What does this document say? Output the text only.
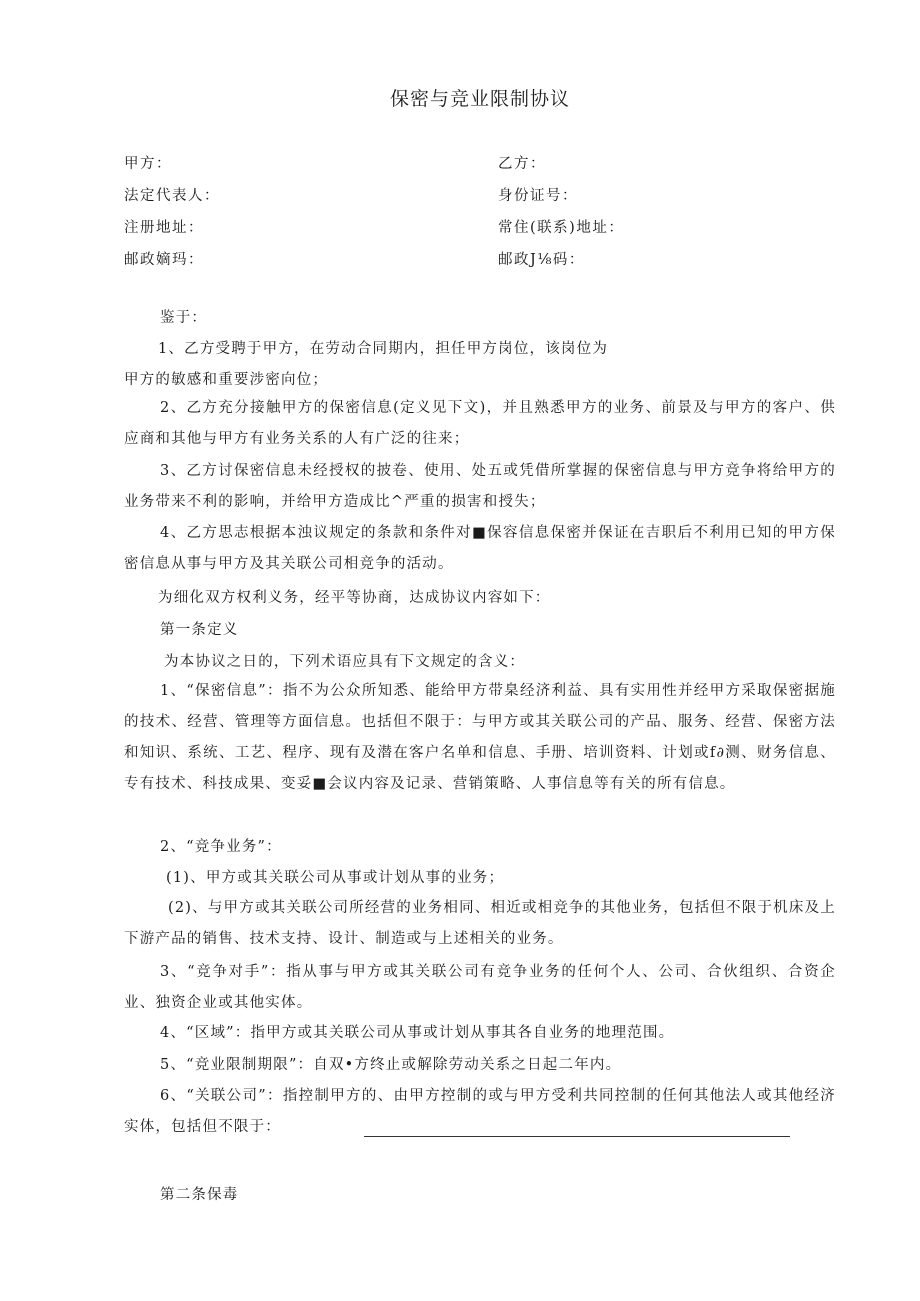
保密与竞业限制协议
甲方：
法定代表人：
注册地址：
邮政嫡玛：
乙方：
身份证号：
常住(联系)地址：
邮政J⅛码：
鉴于：
1、乙方受聘于甲方，在劳动合同期内，担任甲方岗位，该岗位为
甲方的敏感和重要涉密向位；

2、乙方充分接触甲方的保密信息(定义见下文)，并且熟悉甲方的业务、前景及与甲方的客户、供应商和其他与甲方有业务关系的人有广泛的往来；

3、乙方讨保密信息未经授权的披卷、使用、处五或凭借所掌握的保密信息与甲方竞争将给甲方的业务带来不利的影响，并给甲方造成比^严重的损害和授失；

4、乙方思志根据本浊议规定的条款和条件对■保容信息保密并保证在吉职后不利用已知的甲方保密信息从事与甲方及其关联公司相竞争的活动。

为细化双方权利义务，经平等协商，达成协议内容如下：
第一条定义
为本协议之日的，下列术语应具有下文规定的含义：

1、“保密信息”：指不为公众所知悉、能给甲方带臬经济利益、具有实用性并经甲方采取保密据施的技术、经营、管理等方面信息。也括但不限于：与甲方或其关联公司的产品、服务、经营、保密方法和知识、系统、工艺、程序、现有及潜在客户名单和信息、手册、培训资料、计划或f∂测、财务信息、专有技术、科技成果、变妥■会议内容及记录、营销策略、人事信息等有关的所有信息。

2、“竞争业务”：
(1)、甲方或其关联公司从事或计划从事的业务；

(2)、与甲方或其关联公司所经营的业务相同、相近或相竞争的其他业务，包括但不限于机床及上下游产品的销售、技术支持、设计、制造或与上述相关的业务。

3、“竞争对手”：指从事与甲方或其关联公司有竞争业务的任何个人、公司、合伙组织、合资企业、独资企业或其他实体。

4、“区域”：指甲方或其关联公司从事或计划从事其各自业务的地理范围。
5、“竞业限制期限”：自双•方终止或解除劳动关系之日起二年内。

6、“关联公司”：指控制甲方的、由甲方控制的或与甲方受利共同控制的任何其他法人或其他经济实体，包括但不限于：

第二条保毒
